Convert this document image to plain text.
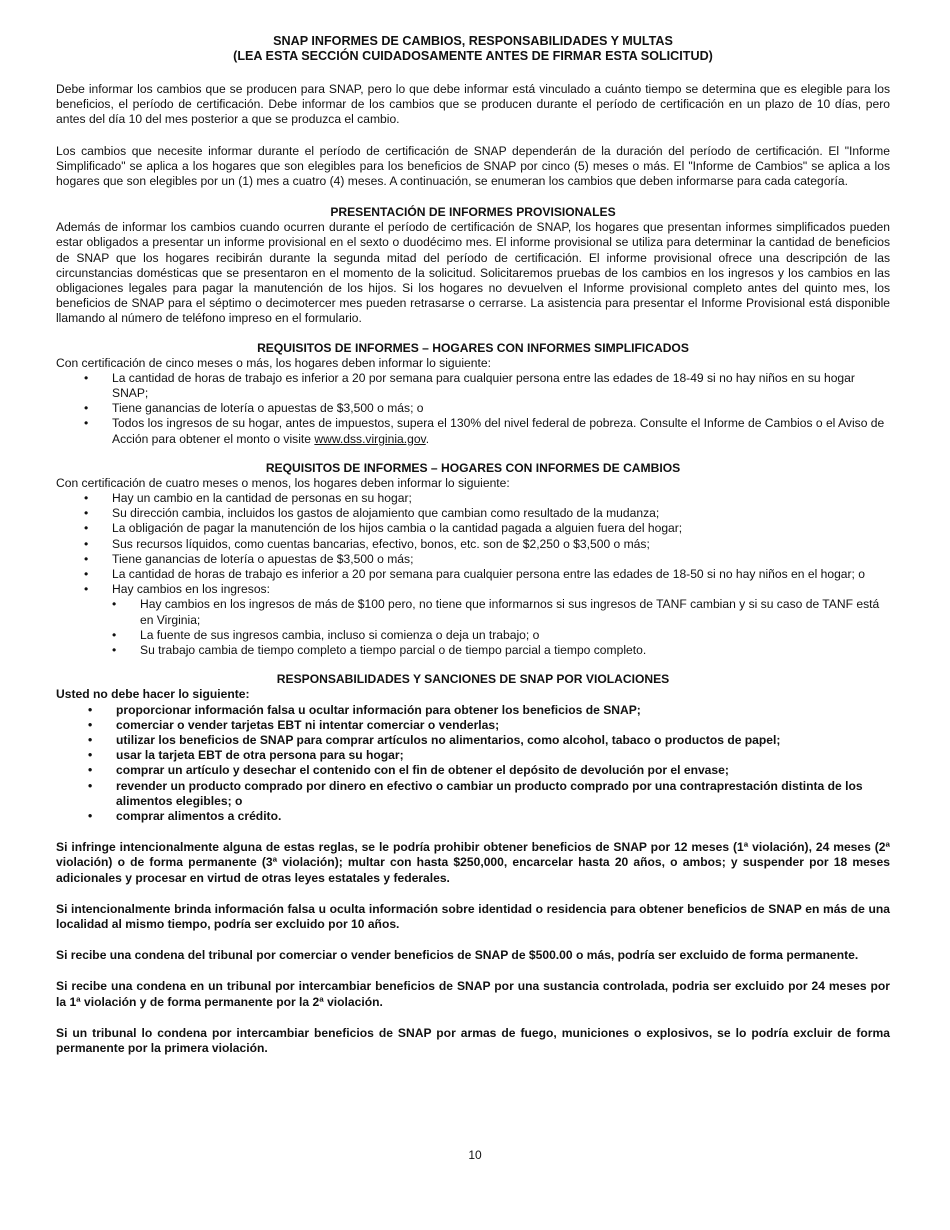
SNAP INFORMES DE CAMBIOS, RESPONSABILIDADES Y MULTAS
(LEA ESTA SECCIÓN CUIDADOSAMENTE ANTES DE FIRMAR ESTA SOLICITUD)

Debe informar los cambios que se producen para SNAP, pero lo que debe informar está vinculado a cuánto tiempo se determina que es elegible para los beneficios, el período de certificación. Debe informar de los cambios que se producen durante el período de certificación en un plazo de 10 días, pero antes del día 10 del mes posterior a que se produzca el cambio.

Los cambios que necesite informar durante el período de certificación de SNAP dependerán de la duración del período de certificación. El "Informe Simplificado" se aplica a los hogares que son elegibles para los beneficios de SNAP por cinco (5) meses o más. El "Informe de Cambios" se aplica a los hogares que son elegibles por un (1) mes a cuatro (4) meses. A continuación, se enumeran los cambios que deben informarse para cada categoría.

PRESENTACIÓN DE INFORMES PROVISIONALES

Además de informar los cambios cuando ocurren durante el período de certificación de SNAP, los hogares que presentan informes simplificados pueden estar obligados a presentar un informe provisional en el sexto o duodécimo mes. El informe provisional se utiliza para determinar la cantidad de beneficios de SNAP que los hogares recibirán durante la segunda mitad del período de certificación. El informe provisional ofrece una descripción de las circunstancias domésticas que se presentaron en el momento de la solicitud. Solicitaremos pruebas de los cambios en los ingresos y los cambios en las obligaciones legales para pagar la manutención de los hijos. Si los hogares no devuelven el Informe provisional completo antes del quinto mes, los beneficios de SNAP para el séptimo o decimotercer mes pueden retrasarse o cerrarse. La asistencia para presentar el Informe Provisional está disponible llamando al número de teléfono impreso en el formulario.

REQUISITOS DE INFORMES – HOGARES CON INFORMES SIMPLIFICADOS
Con certificación de cinco meses o más, los hogares deben informar lo siguiente:
• La cantidad de horas de trabajo es inferior a 20 por semana para cualquier persona entre las edades de 18-49 si no hay niños en su hogar SNAP;
• Tiene ganancias de lotería o apuestas de $3,500 o más; o
• Todos los ingresos de su hogar, antes de impuestos, supera el 130% del nivel federal de pobreza. Consulte el Informe de Cambios o el Aviso de Acción para obtener el monto o visite www.dss.virginia.gov.
REQUISITOS DE INFORMES – HOGARES CON INFORMES DE CAMBIOS
Con certificación de cuatro meses o menos, los hogares deben informar lo siguiente:
• Hay un cambio en la cantidad de personas en su hogar;
• Su dirección cambia, incluidos los gastos de alojamiento que cambian como resultado de la mudanza;
• La obligación de pagar la manutención de los hijos cambia o la cantidad pagada a alguien fuera del hogar;
• Sus recursos líquidos, como cuentas bancarias, efectivo, bonos, etc. son de $2,250 o $3,500 o más;
• Tiene ganancias de lotería o apuestas de $3,500 o más;
• La cantidad de horas de trabajo es inferior a 20 por semana para cualquier persona entre las edades de 18-50 si no hay niños en el hogar; o
• Hay cambios en los ingresos:
• Hay cambios en los ingresos de más de $100 pero, no tiene que informarnos si sus ingresos de TANF cambian y si su caso de TANF está en Virginia;
• La fuente de sus ingresos cambia, incluso si comienza o deja un trabajo; o
• Su trabajo cambia de tiempo completo a tiempo parcial o de tiempo parcial a tiempo completo.
RESPONSABILIDADES Y SANCIONES DE SNAP POR VIOLACIONES
Usted no debe hacer lo siguiente:
• proporcionar información falsa u ocultar información para obtener los beneficios de SNAP;
• comerciar o vender tarjetas EBT ni intentar comerciar o venderlas;
• utilizar los beneficios de SNAP para comprar artículos no alimentarios, como alcohol, tabaco o productos de papel;
• usar la tarjeta EBT de otra persona para su hogar;
• comprar un artículo y desechar el contenido con el fin de obtener el depósito de devolución por el envase;
• revender un producto comprado por dinero en efectivo o cambiar un producto comprado por una contraprestación distinta de los alimentos elegibles; o
• comprar alimentos a crédito.

Si infringe intencionalmente alguna de estas reglas, se le podría prohibir obtener beneficios de SNAP por 12 meses (1ª violación), 24 meses (2ª violación) o de forma permanente (3ª violación); multar con hasta $250,000, encarcelar hasta 20 años, o ambos; y suspender por 18 meses adicionales y procesar en virtud de otras leyes estatales y federales.

Si intencionalmente brinda información falsa u oculta información sobre identidad o residencia para obtener beneficios de SNAP en más de una localidad al mismo tiempo, podría ser excluido por 10 años.

Si recibe una condena del tribunal por comerciar o vender beneficios de SNAP de $500.00 o más, podría ser excluido de forma permanente.

Si recibe una condena en un tribunal por intercambiar beneficios de SNAP por una sustancia controlada, podria ser excluido por 24 meses por la 1ª violación y de forma permanente por la 2ª violación.

Si un tribunal lo condena por intercambiar beneficios de SNAP por armas de fuego, municiones o explosivos, se lo podría excluir de forma permanente por la primera violación.

10
